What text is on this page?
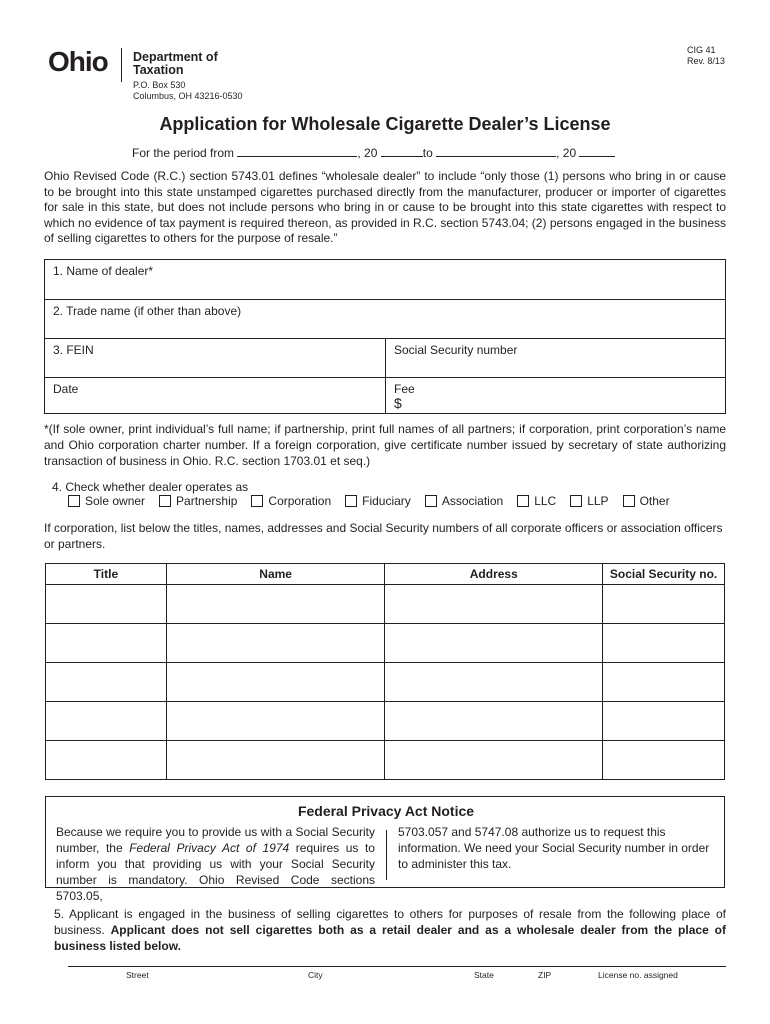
Ohio Department of
Taxation
P.O. Box 530
Columbus, OH 43216-0530
CIG 41
Rev. 8/13
Application for Wholesale Cigarette Dealer’s License
For the period from	, 20	to	, 20
Ohio Revised Code (R.C.) section 5743.01 defines “wholesale dealer” to include “only those (1) persons who bring in or cause to be brought into this state unstamped cigarettes purchased directly from the manufacturer, producer or importer of cigarettes for sale in this state, but does not include persons who bring in or cause to be brought into this state cigarettes with respect to which no evidence of tax payment is required thereon, as provided in R.C. section 5743.04; (2) persons engaged in the business of selling cigarettes to others for the purpose of resale.”
1. Name of dealer*
2. Trade name (if other than above)
3. FEIN	Social Security number
Date	Fee
$
*(If sole owner, print individual’s full name; if partnership, print full names of all partners; if corporation, print corporation’s name and Ohio corporation charter number. If a foreign corporation, give certificate number issued by secretary of state authorizing transaction of business in Ohio. R.C. section 1703.01 et seq.)
4. Check whether dealer operates as
Sole owner	Partnership	Corporation	Fiduciary	Association	LLC	LLP	Other
If corporation, list below the titles, names, addresses and Social Security numbers of all corporate officers or association officers or partners.
Title	Name	Address	Social Security no.

Federal Privacy Act Notice
Because we require you to provide us with a Social Security number, the Federal Privacy Act of 1974 requires us to inform you that providing us with your Social Security number is mandatory. Ohio Revised Code sections 5703.05,
5703.057 and 5747.08 authorize us to request this information. We need your Social Security number in order to administer this tax.
5. Applicant is engaged in the business of selling cigarettes to others for purposes of resale from the following place of business. Applicant does not sell cigarettes both as a retail dealer and as a wholesale dealer from the place of business listed below.
Street	City	State	ZIP	License no. assigned
